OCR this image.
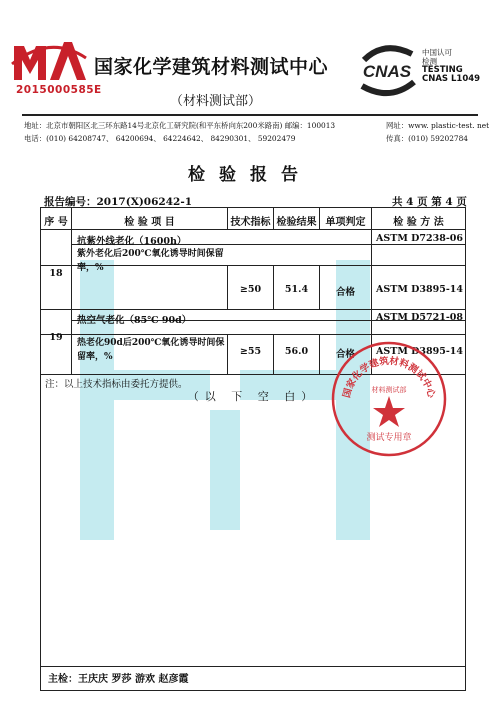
2015000585E
国家化学建筑材料测试中心
（材料测试部）
CNAS
中国认可
检测
TESTING
CNAS L1049
地址：北京市朝阳区北三环东路14号北京化工研究院(和平东桥向东200米路南) 邮编：100013
电话：(010) 64208747、 64200694、 64224642、 84290301、 59202479
网址：www. plastic-test. net
传真：(010) 59202784
检验报告
报告编号：2017(X)06242-1	共 4 页 第 4 页
序 号	检 验 项 目	技术指标 检验结果 单项判定	检 验 方 法
18
抗紫外线老化（1600h）	ASTM D7238-06
紫外老化后200℃氧化诱导时间保留率，%
≥50	51.4	合格	ASTM D3895-14
19
热空气老化（85℃ 90d）	ASTM D5721-08
热老化90d后200℃氧化诱导时间保留率，%	≥55	56.0	合格	ASTM D3895-14
注：以上技术指标由委托方提供。
（以 下 空 白）	国家化学建筑材料测试中心
材料测试部
测试专用章
主检：王庆庆 罗莎 游欢 赵彦霞
